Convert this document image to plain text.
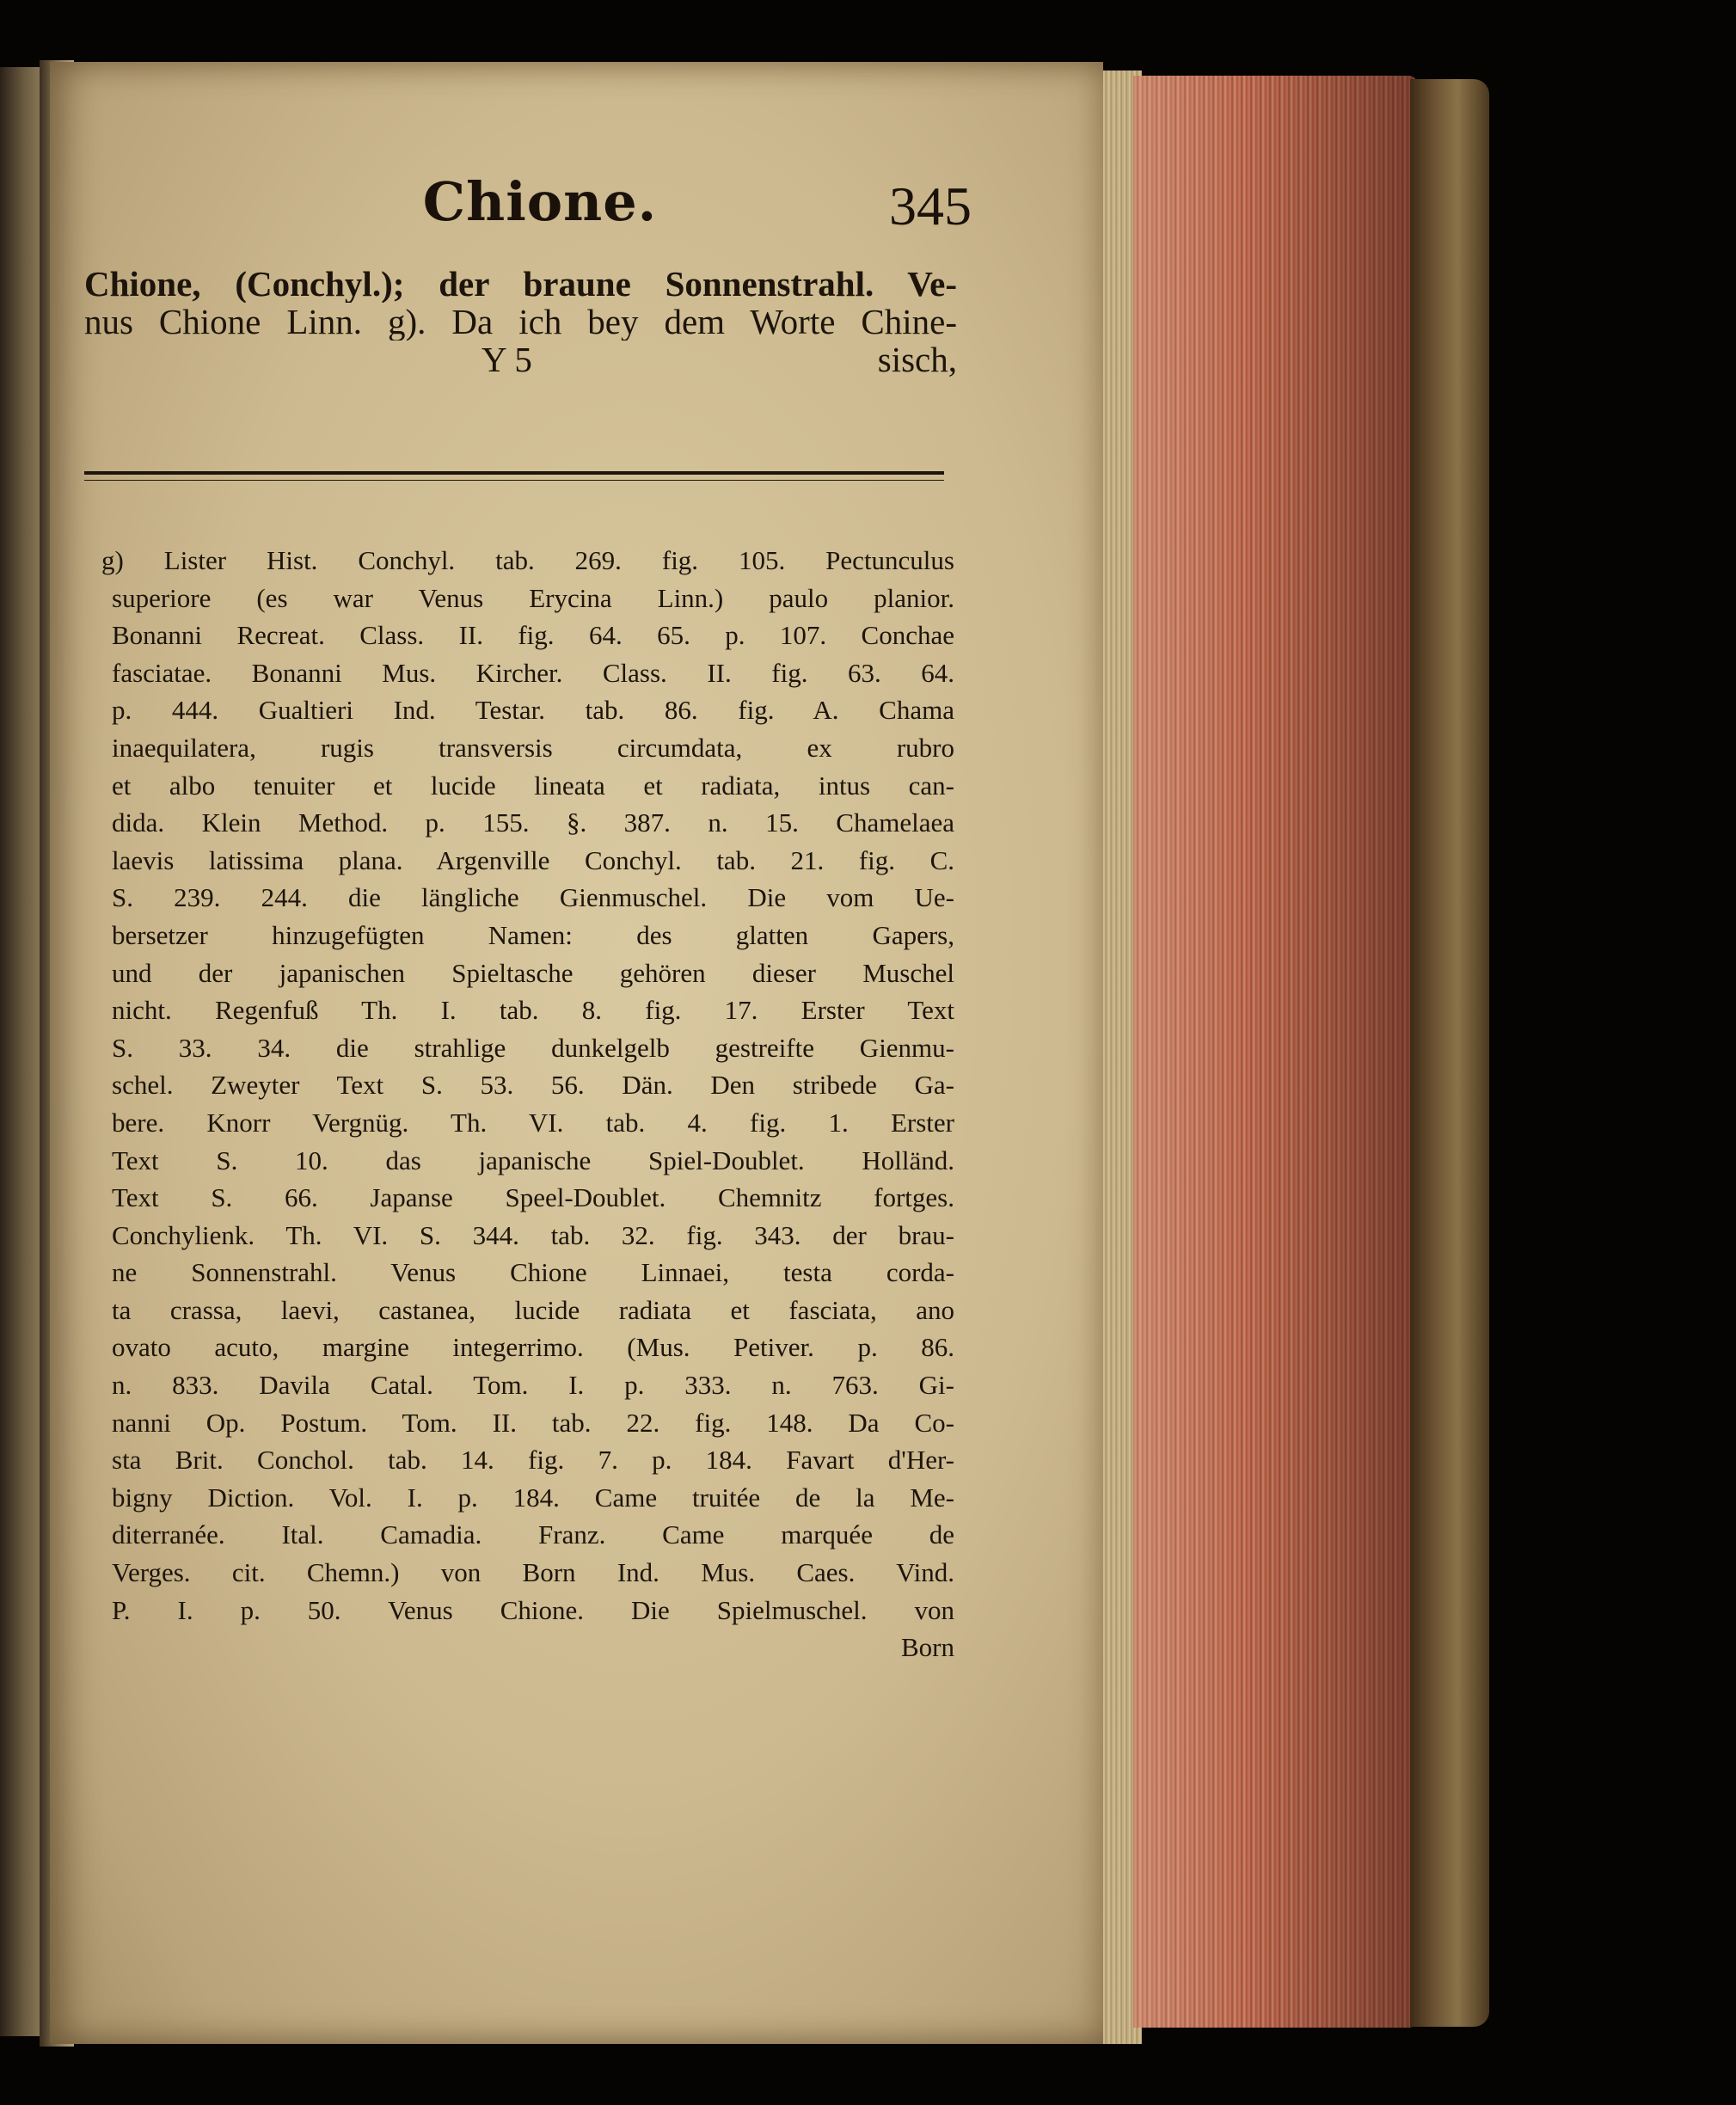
Chione.	345
Chione, (Conchyl.); der braune Sonnenstrahl. Ve-
nus Chione Linn. g). Da ich bey dem Worte Chine-
Y 5	sisch,
g) Lister Hist. Conchyl. tab. 269. fig. 105. Pectunculus
superiore (es war Venus Erycina Linn.) paulo planior.
Bonanni Recreat. Class. II. fig. 64. 65. p. 107. Conchae
fasciatae. Bonanni Mus. Kircher. Class. II. fig. 63. 64.
p. 444. Gualtieri Ind. Testar. tab. 86. fig. A. Chama
inaequilatera, rugis transversis circumdata, ex rubro
et albo tenuiter et lucide lineata et radiata, intus can-
dida. Klein Method. p. 155. §. 387. n. 15. Chamelaea
laevis latissima plana. Argenville Conchyl. tab. 21. fig. C.
S. 239. 244. die längliche Gienmuschel. Die vom Ue-
bersetzer hinzugefügten Namen: des glatten Gapers,
und der japanischen Spieltasche gehören dieser Muschel
nicht. Regenfuß Th. I. tab. 8. fig. 17. Erster Text
S. 33. 34. die strahlige dunkelgelb gestreifte Gienmu-
schel. Zweyter Text S. 53. 56. Dän. Den stribede Ga-
bere. Knorr Vergnüg. Th. VI. tab. 4. fig. 1. Erster
Text S. 10. das japanische Spiel-Doublet. Holländ.
Text S. 66. Japanse Speel-Doublet. Chemnitz fortges.
Conchylienk. Th. VI. S. 344. tab. 32. fig. 343. der brau-
ne Sonnenstrahl. Venus Chione Linnaei, testa corda-
ta crassa, laevi, castanea, lucide radiata et fasciata, ano
ovato acuto, margine integerrimo. (Mus. Petiver. p. 86.
n. 833. Davila Catal. Tom. I. p. 333. n. 763. Gi-
nanni Op. Postum. Tom. II. tab. 22. fig. 148. Da Co-
sta Brit. Conchol. tab. 14. fig. 7. p. 184. Favart d'Her-
bigny Diction. Vol. I. p. 184. Came truitée de la Me-
diterranée. Ital. Camadia. Franz. Came marquée de
Verges. cit. Chemn.) von Born Ind. Mus. Caes. Vind.
P. I. p. 50. Venus Chione. Die Spielmuschel. von
Born
